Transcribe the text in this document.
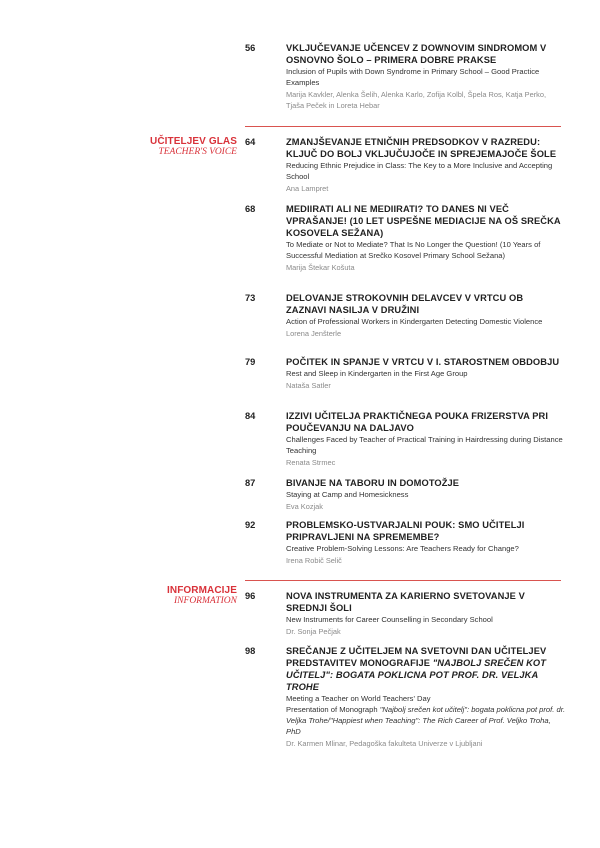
56	VKLJUČEVANJE UČENCEV Z DOWNOVIM SINDROMOM V OSNOVNO ŠOLO – PRIMERA DOBRE PRAKSE
Inclusion of Pupils with Down Syndrome in Primary School – Good Practice Examples
Marija Kavkler, Alenka Šelih, Alenka Karlo, Zofija Kolbl, Špela Ros, Katja Perko, Tjaša Peček in Loreta Hebar
UČITELJEV GLAS
TEACHER'S VOICE
64	ZMANJŠEVANJE ETNIČNIH PREDSODKOV V RAZREDU: KLJUČ DO BOLJ VKLJUČUJOČE IN SPREJEMAJOČE ŠOLE
Reducing Ethnic Prejudice in Class: The Key to a More Inclusive and Accepting School
Ana Lampret
68	MEDIIRATI ALI NE MEDIIRATI? TO DANES NI VEČ VPRAŠANJE! (10 LET USPEŠNE MEDIACIJE NA OŠ SREČKA KOSOVELA SEŽANA)
To Mediate or Not to Mediate? That Is No Longer the Question! (10 Years of Successful Mediation at Srečko Kosovel Primary School Sežana)
Marija Štekar Košuta
73	DELOVANJE STROKOVNIH DELAVCEV V VRTCU OB ZAZNAVI NASILJA V DRUŽINI
Action of Professional Workers in Kindergarten Detecting Domestic Violence
Lorena Jenšterle
79	POČITEK IN SPANJE V VRTCU V I. STAROSTNEM OBDOBJU
Rest and Sleep in Kindergarten in the First Age Group
Nataša Satler
84	IZZIVI UČITELJA PRAKTIČNEGA POUKA FRIZERSTVA PRI POUČEVANJU NA DALJAVO
Challenges Faced by Teacher of Practical Training in Hairdressing during Distance Teaching
Renata Strmec
87	BIVANJE NA TABORU IN DOMOTOŽJE
Staying at Camp and Homesickness
Eva Kozjak
92	PROBLEMSKO-USTVARJALNI POUK: SMO UČITELJI PRIPRAVLJENI NA SPREMEMBE?
Creative Problem-Solving Lessons: Are Teachers Ready for Change?
Irena Robič Selič
INFORMACIJE
INFORMATION 96	NOVA INSTRUMENTA ZA KARIERNO SVETOVANJE V SREDNJI ŠOLI
New Instruments for Career Counselling in Secondary School
Dr. Sonja Pečjak
98	SREČANJE Z UČITELJEM NA SVETOVNI DAN UČITELJEV PREDSTAVITEV MONOGRAFIJE "NAJBOLJ SREČEN KOT UČITELJ": BOGATA POKLICNA POT PROF. DR. VELJKA TROHE
Meeting a Teacher on World Teachers' Day
Presentation of Monograph "Najbolj srečen kot učitelj": bogata poklicna pot prof. dr. Veljka Trohe/"Happiest when Teaching": The Rich Career of Prof. Veljko Troha, PhD
Dr. Karmen Mlinar, Pedagoška fakulteta Univerze v Ljubljani
